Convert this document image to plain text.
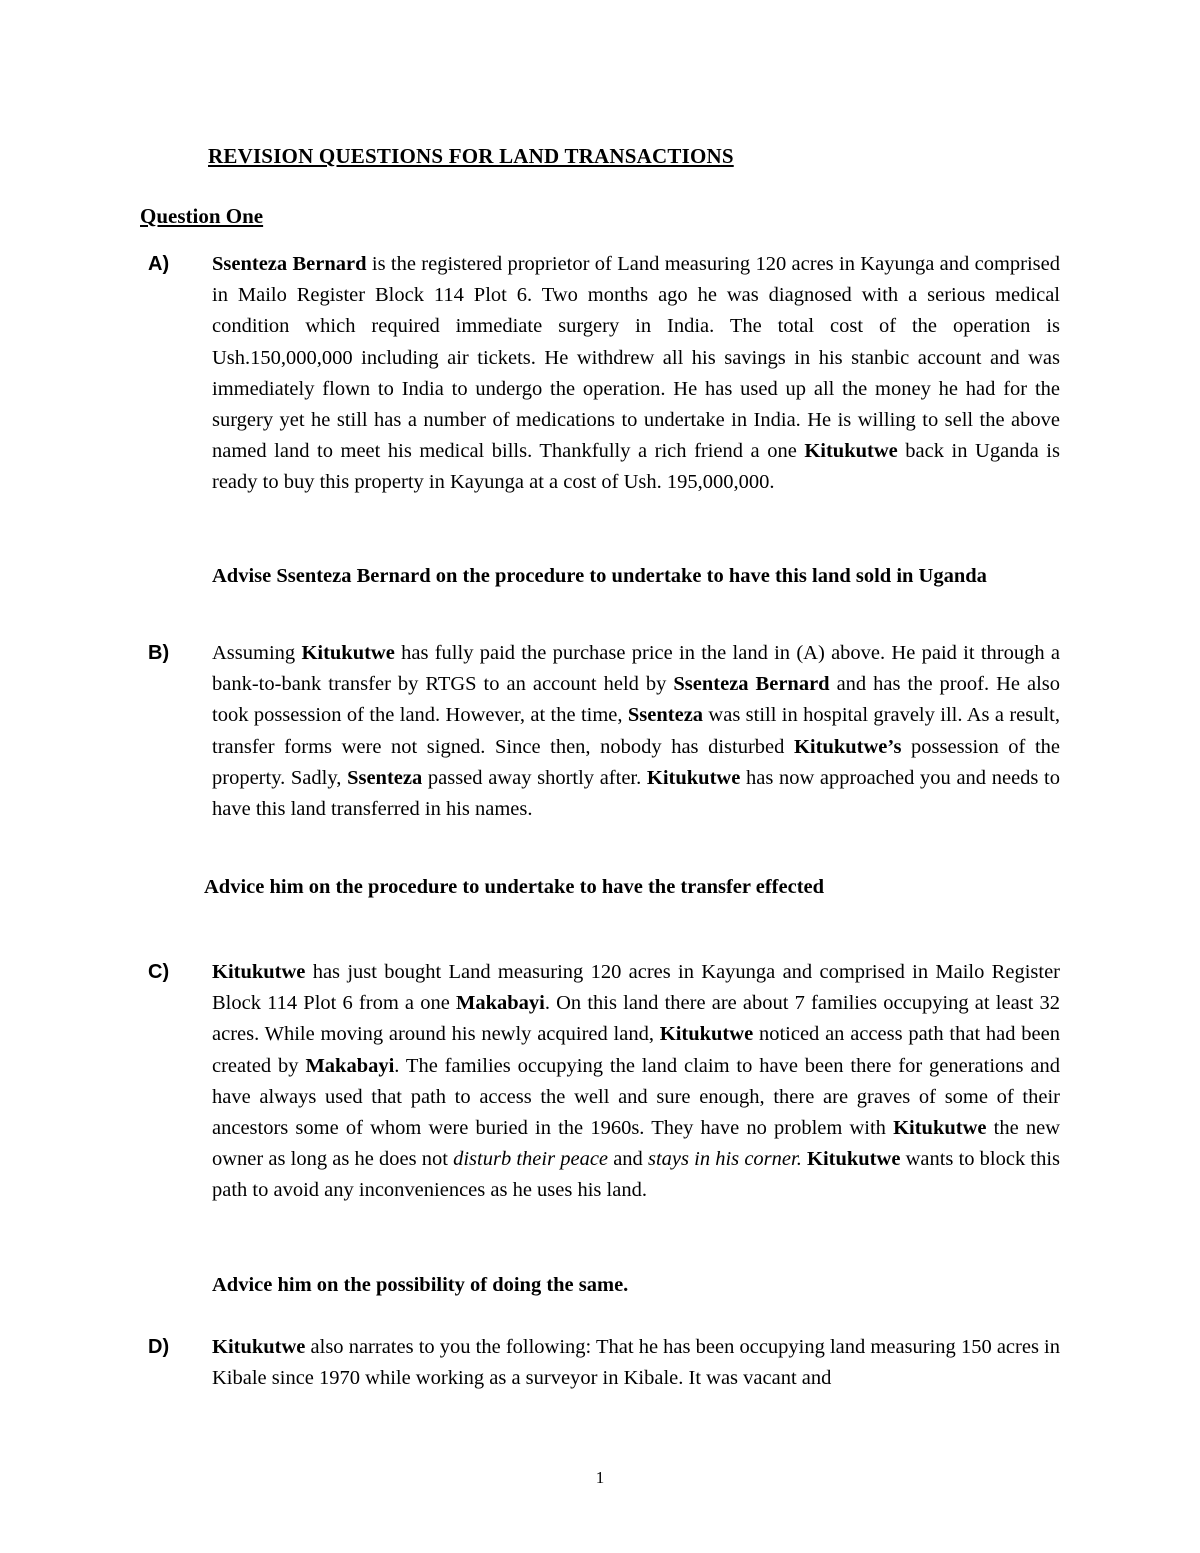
REVISION QUESTIONS FOR LAND TRANSACTIONS
Question One
A) Ssenteza Bernard is the registered proprietor of Land measuring 120 acres in Kayunga and comprised in Mailo Register Block 114 Plot 6. Two months ago he was diagnosed with a serious medical condition which required immediate surgery in India. The total cost of the operation is Ush.150,000,000 including air tickets. He withdrew all his savings in his stanbic account and was immediately flown to India to undergo the operation. He has used up all the money he had for the surgery yet he still has a number of medications to undertake in India. He is willing to sell the above named land to meet his medical bills. Thankfully a rich friend a one Kitukutwe back in Uganda is ready to buy this property in Kayunga at a cost of Ush. 195,000,000.
Advise Ssenteza Bernard on the procedure to undertake to have this land sold in Uganda
B) Assuming Kitukutwe has fully paid the purchase price in the land in (A) above. He paid it through a bank-to-bank transfer by RTGS to an account held by Ssenteza Bernard and has the proof. He also took possession of the land. However, at the time, Ssenteza was still in hospital gravely ill. As a result, transfer forms were not signed. Since then, nobody has disturbed Kitukutwe’s possession of the property. Sadly, Ssenteza passed away shortly after. Kitukutwe has now approached you and needs to have this land transferred in his names.
Advice him on the procedure to undertake to have the transfer effected
C) Kitukutwe has just bought Land measuring 120 acres in Kayunga and comprised in Mailo Register Block 114 Plot 6 from a one Makabayi. On this land there are about 7 families occupying at least 32 acres. While moving around his newly acquired land, Kitukutwe noticed an access path that had been created by Makabayi. The families occupying the land claim to have been there for generations and have always used that path to access the well and sure enough, there are graves of some of their ancestors some of whom were buried in the 1960s. They have no problem with Kitukutwe the new owner as long as he does not disturb their peace and stays in his corner. Kitukutwe wants to block this path to avoid any inconveniences as he uses his land.
Advice him on the possibility of doing the same.
D) Kitukutwe also narrates to you the following: That he has been occupying land measuring 150 acres in Kibale since 1970 while working as a surveyor in Kibale. It was vacant and
1
